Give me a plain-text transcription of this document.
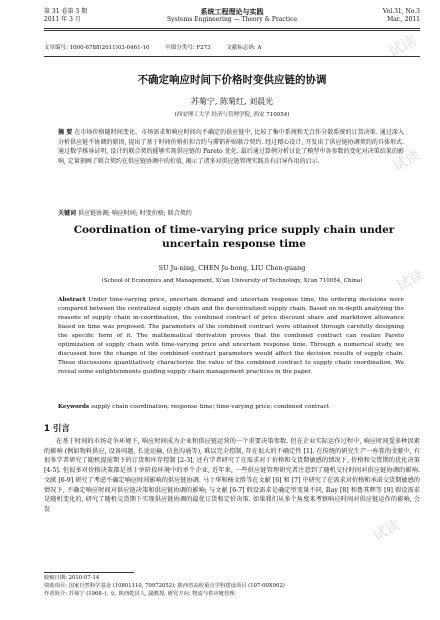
试读
试读
试读
试读
试读
第 31 卷第 3 期	系统工程理论与实践	Vol.31, No.3
2011 年 3 月	Systems Engineering — Theory & Practice	Mar., 2011
文章编号: 1000-6788(2011)03-0461-10	中图分类号: F273	文献标志码: A
不确定响应时间下价格时变供应链的协调
苏菊宁, 陈菊红, 刘晨光
(西安理工大学 经济与管理学院, 西安 710054)
摘 要 在市场价格随时间变化、市场需求和响应时间均不确定的供应链中, 比较了集中系统和无合作分散系统的订货决策. 通过深入分析供应链不协调的原因, 提出了基于时间价格折扣合约与滞销补贴联合契约. 经过精心设计, 开发出了供应链协调契约的具体形式. 通过数学推导证明, 设计的联合契约能够实现供应链的 Pareto 优化. 最后通过算例分析讨论了模型中各参数的变化对决策结果的影响, 定量刻画了联合契约在供应链协调中的价值, 揭示了诸多对供应链管理实践具有启导作用的启示.
关键词 供应链协调; 响应时间; 时变价格; 联合契约
Coordination of time-varying price supply chain under uncertain response time
SU Ju-ning, CHEN Ju-hong, LIU Chen-guang
(School of Economics and Management, Xi'an University of Technology, Xi'an 710054, China)
Abstract Under time-varying price, uncertain demand and uncertain response time, the ordering decisions were compared between the centralized supply chain and the decentralized supply chain. Based on in-depth analyzing the reasons of supply chain in-coordination, the combined contract of price discount share and markdown allowance based on time was proposed. The parameters of the combined contract were obtained through carefully designing the specific form of it. The mathematical derivation proves that the combined contract can realize Pareto optimization of supply chain with time-varying price and uncertain response time. Through a numerical study, we discussed how the change of the combined contract parameters would affect the decision results of supply chain. These discussions quantitatively characterize the value of the combined contract to supply chain coordination. We reveal some enlightenments guiding supply chain management practices in the paper.
Keywords supply chain coordination; response time; time-varying price; combined contract
1 引言
在基于时间的市场竞争环境下, 响应时间成为企业和供应链运营的一个重要决策参数. 但在企业实际运作过程中, 响应时间受多种因素的影响 (例如物料供应, 设备问题, 长途运输, 信息沟通等), 难以完全控制, 存在很大的不确定性 [1]. 在传统的研究生产一库存的文献中, 有很多学者研究了随机提前期下的订货和库存控制 [2-3], 还有学者研究了在需求对于价格和交货期敏感的情况下, 价格和交货期的优化决策 [4-5]. 但很多对价格决策都是基于单阶段环境中的单个企业, 近年来, 一些供应链管理研究者注意到了随机交付时间对供应链协调的影响. 文献 [6-9] 研究了考虑不确定响应时间影响的供应链协调. 马士华和杨文胜等在文献 [6] 和 [7] 中研究了在需求对价格和承诺交货期敏感的情况下, 不确定响应时间对供应链决策和供应链协调的影响; 与文献 [6-7] 假设需求是确定型变量不同, Ray [8] 和鲁其辉等 [9] 假设需求是随机变化的, 研究了随机交货期下实现供应链协调的最优订货和定价决策. 如果我们从多个角度来考察响应时间对供应链运作的影响, 会发
收稿日期: 2010-07-14
资助项目: 国家自然科学基金 (10801110, 70972052); 陕西省高校重点学科建设项目 (107-00X902)
作者简介: 苏菊宁 (1968–), 女, 陕西乾县人, 副教授, 研究方向: 物流与供应链管理.
